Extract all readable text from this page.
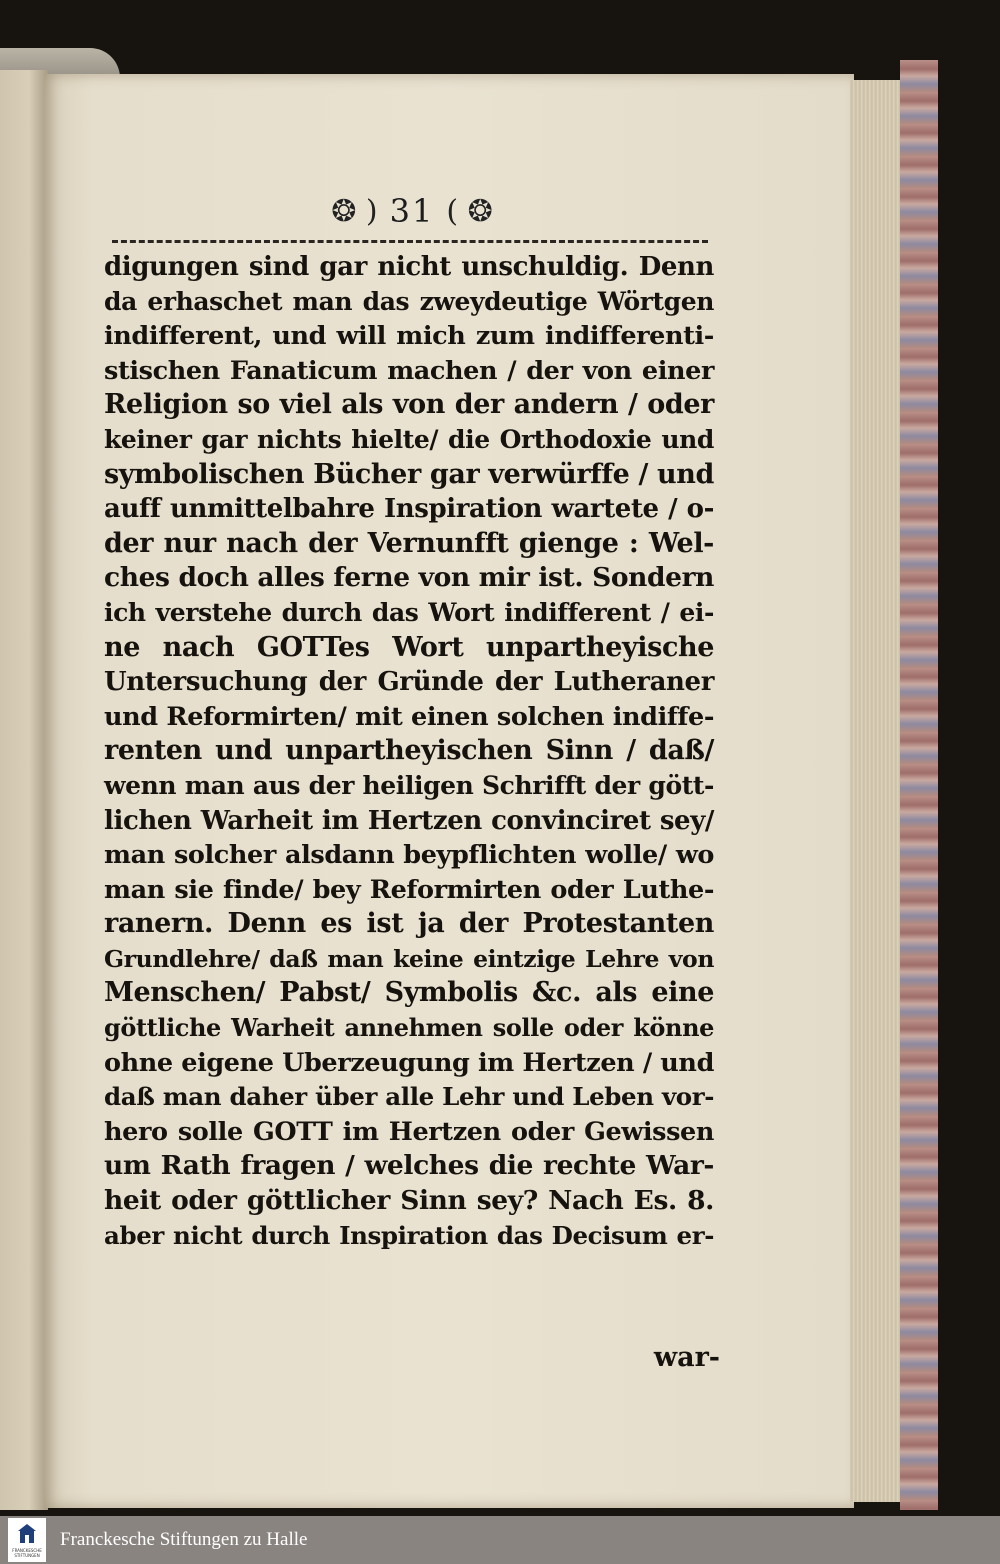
❂ ) 31 ( ❂
digungen sind gar nicht unschuldig. Denn
da erhaschet man das zweydeutige Wörtgen
indifferent, und will mich zum indifferenti-
stischen Fanaticum machen / der von einer
Religion so viel als von der andern / oder
keiner gar nichts hielte/ die Orthodoxie und
symbolischen Bücher gar verwürffe / und
auff unmittelbahre Inspiration wartete / o-
der nur nach der Vernunfft gienge : Wel-
ches doch alles ferne von mir ist. Sondern
ich verstehe durch das Wort indifferent / ei-
ne nach GOTTes Wort unpartheyische
Untersuchung der Gründe der Lutheraner
und Reformirten/ mit einen solchen indiffe-
renten und unpartheyischen Sinn / daß/
wenn man aus der heiligen Schrifft der gött-
lichen Warheit im Hertzen convinciret sey/
man solcher alsdann beypflichten wolle/ wo
man sie finde/ bey Reformirten oder Luthe-
ranern. Denn es ist ja der Protestanten
Grundlehre/ daß man keine eintzige Lehre von
Menschen/ Pabst/ Symbolis &c. als eine
göttliche Warheit annehmen solle oder könne
ohne eigene Uberzeugung im Hertzen / und
daß man daher über alle Lehr und Leben vor-
hero solle GOTT im Hertzen oder Gewissen
um Rath fragen / welches die rechte War-
heit oder göttlicher Sinn sey? Nach Es. 8.
aber nicht durch Inspiration das Decisum er-
war-
FRANCKESCHE STIFTUNGEN
Franckesche Stiftungen zu Halle
